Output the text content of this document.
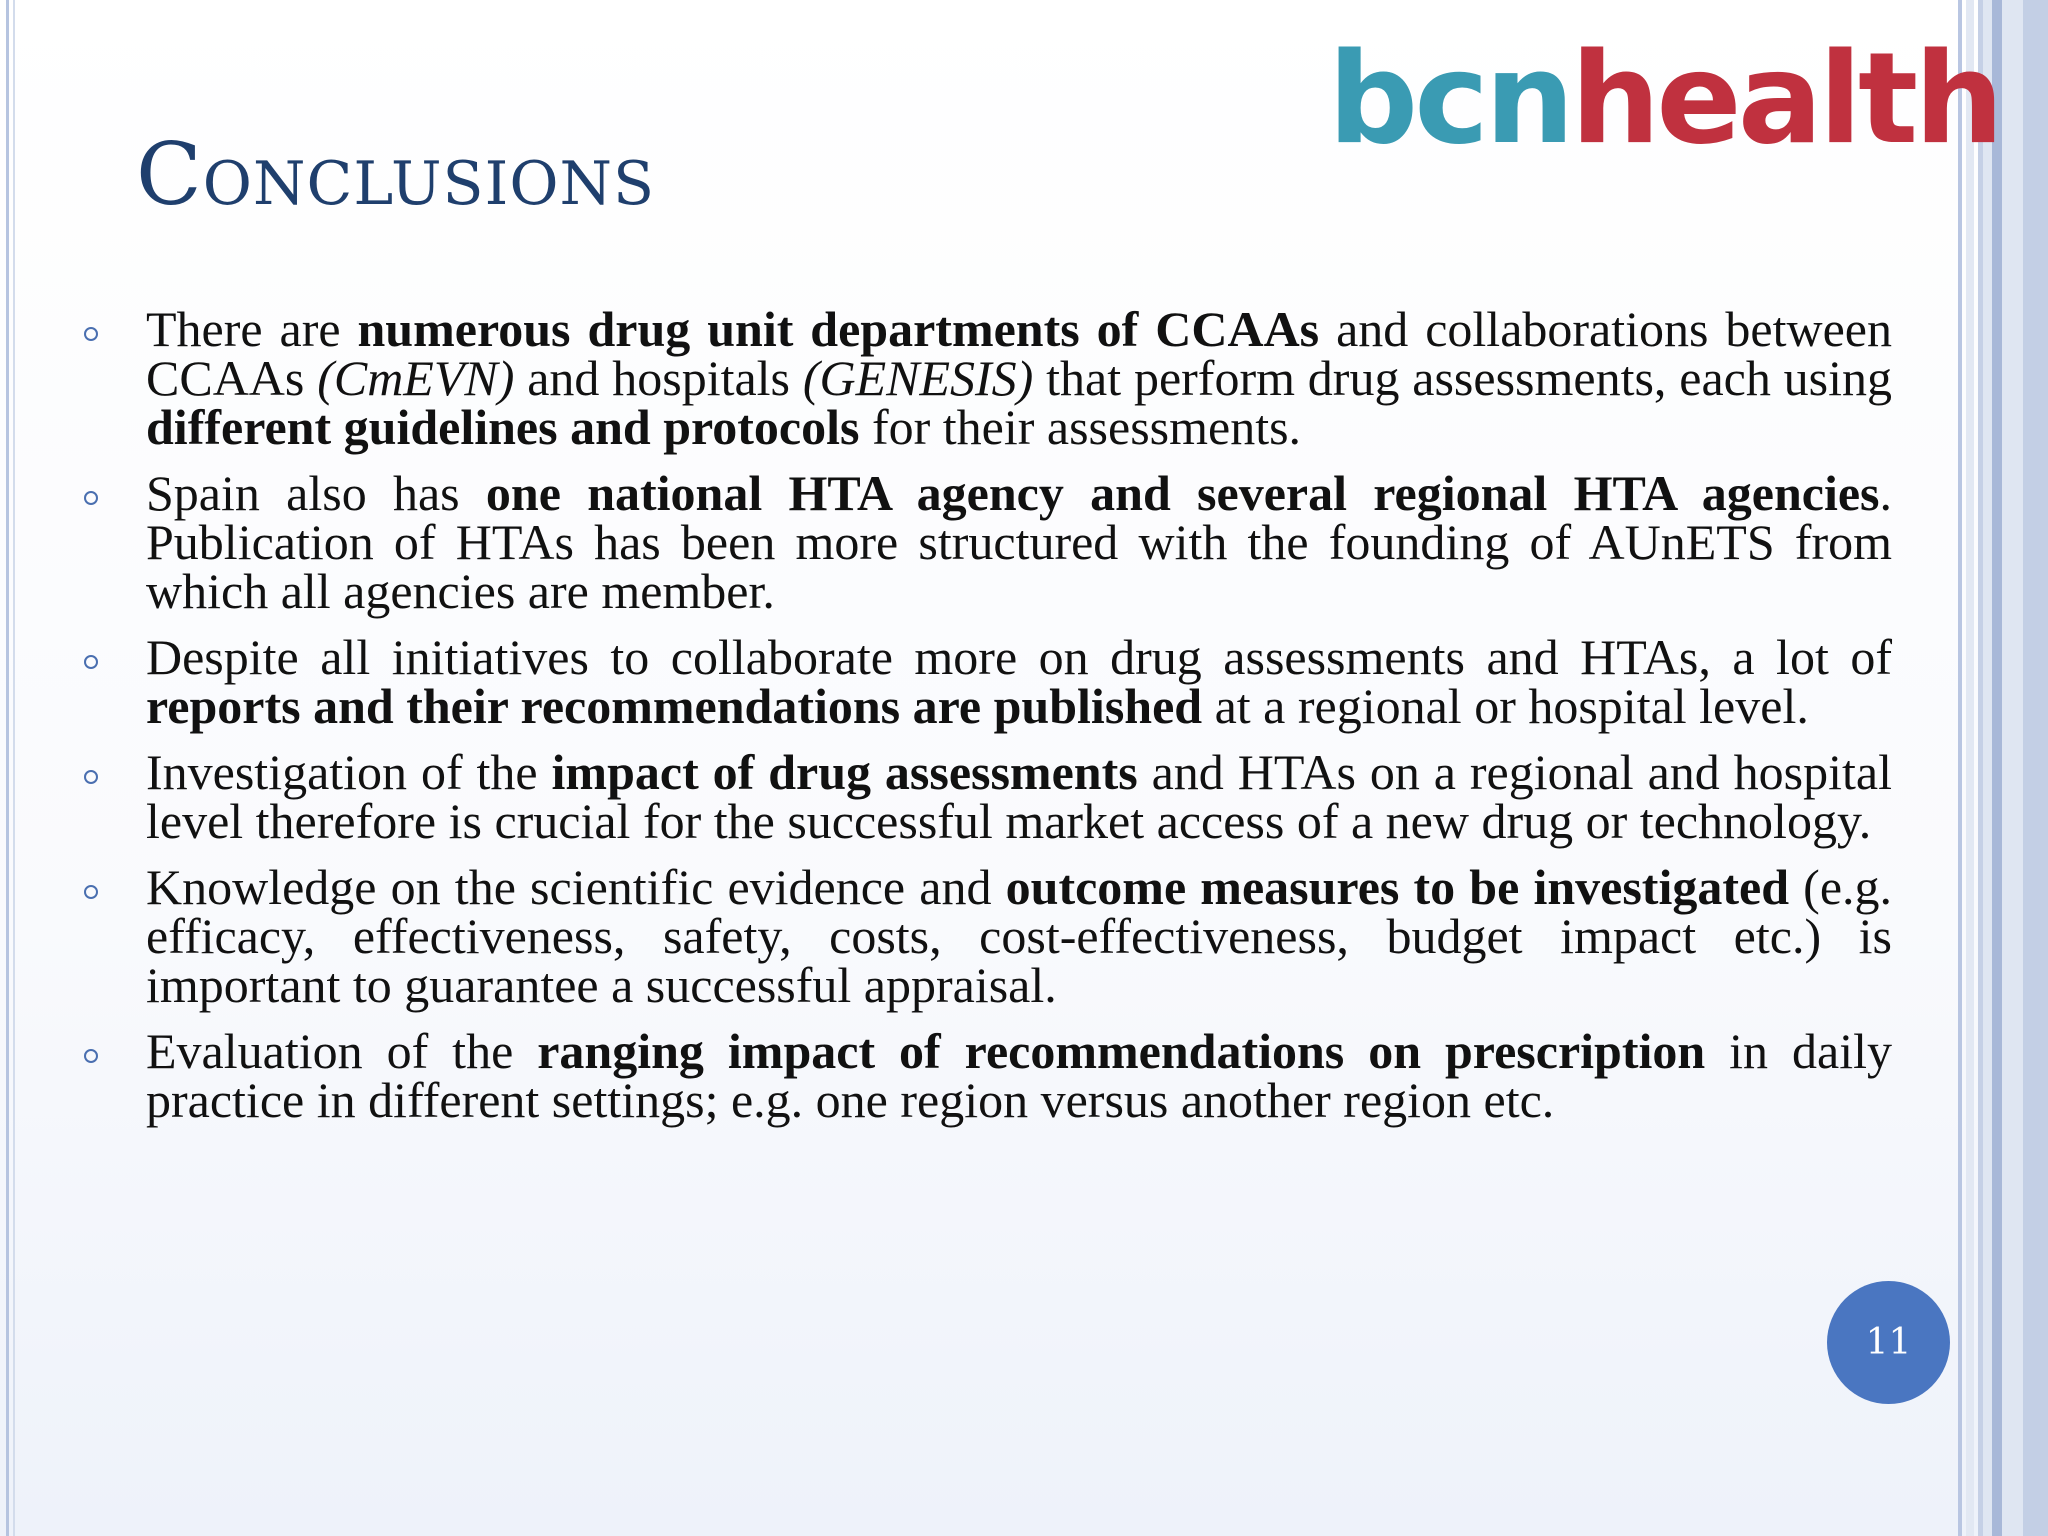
bcnhealth
Conclusions
There are numerous drug unit departments of CCAAs and collaborations between CCAAs (CmEVN) and hospitals (GENESIS) that perform drug assessments, each using different guidelines and protocols for their assessments.
Spain also has one national HTA agency and several regional HTA agencies. Publication of HTAs has been more structured with the founding of AUnETS from which all agencies are member.
Despite all initiatives to collaborate more on drug assessments and HTAs, a lot of reports and their recommendations are published at a regional or hospital level.
Investigation of the impact of drug assessments and HTAs on a regional and hospital level therefore is crucial for the successful market access of a new drug or technology.
Knowledge on the scientific evidence and outcome measures to be investigated (e.g. efficacy, effectiveness, safety, costs, cost-effectiveness, budget impact etc.) is important to guarantee a successful appraisal.
Evaluation of the ranging impact of recommendations on prescription in daily practice in different settings; e.g. one region versus another region etc.
11
